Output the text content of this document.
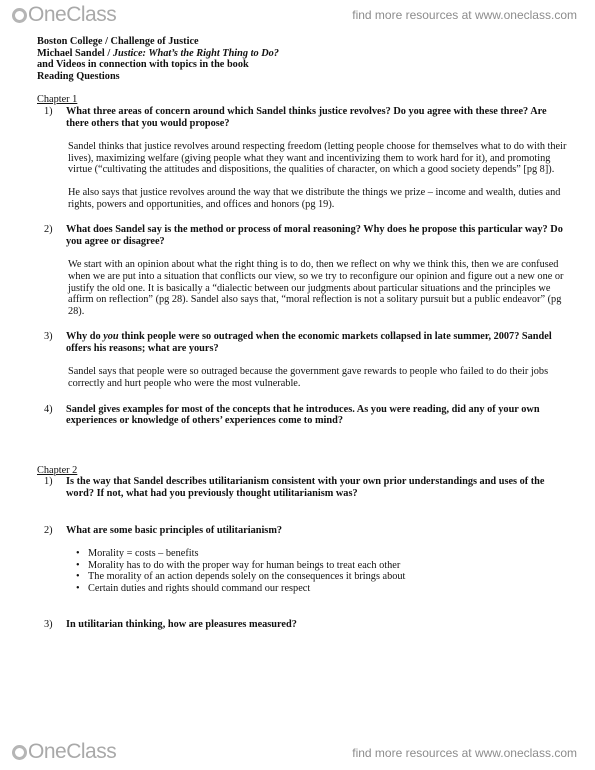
OneClass	find more resources at www.oneclass.com
Boston College / Challenge of Justice
Michael Sandel / Justice: What’s the Right Thing to Do?
and Videos in connection with topics in the book
Reading Questions
Chapter 1
1) What three areas of concern around which Sandel thinks justice revolves? Do you agree with these three? Are there others that you would propose?
Sandel thinks that justice revolves around respecting freedom (letting people choose for themselves what to do with their lives), maximizing welfare (giving people what they want and incentivizing them to work hard for it), and promoting virtue (“cultivating the attitudes and dispositions, the qualities of character, on which a good society depends” [pg 8]).
He also says that justice revolves around the way that we distribute the things we prize – income and wealth, duties and rights, powers and opportunities, and offices and honors (pg 19).
2) What does Sandel say is the method or process of moral reasoning? Why does he propose this particular way? Do you agree or disagree?
We start with an opinion about what the right thing is to do, then we reflect on why we think this, then we are confused when we are put into a situation that conflicts our view, so we try to reconfigure our opinion and figure out a new one or justify the old one. It is basically a “dialectic between our judgments about particular situations and the principles we affirm on reflection” (pg 28). Sandel also says that, “moral reflection is not a solitary pursuit but a public endeavor” (pg 28).
3) Why do you think people were so outraged when the economic markets collapsed in late summer, 2007? Sandel offers his reasons; what are yours?
Sandel says that people were so outraged because the government gave rewards to people who failed to do their jobs correctly and hurt people who were the most vulnerable.
4) Sandel gives examples for most of the concepts that he introduces. As you were reading, did any of your own experiences or knowledge of others’ experiences come to mind?
Chapter 2
1) Is the way that Sandel describes utilitarianism consistent with your own prior understandings and uses of the word? If not, what had you previously thought utilitarianism was?
2) What are some basic principles of utilitarianism?
• Morality = costs – benefits
• Morality has to do with the proper way for human beings to treat each other
• The morality of an action depends solely on the consequences it brings about
• Certain duties and rights should command our respect
3) In utilitarian thinking, how are pleasures measured?
OneClass	find more resources at www.oneclass.com
